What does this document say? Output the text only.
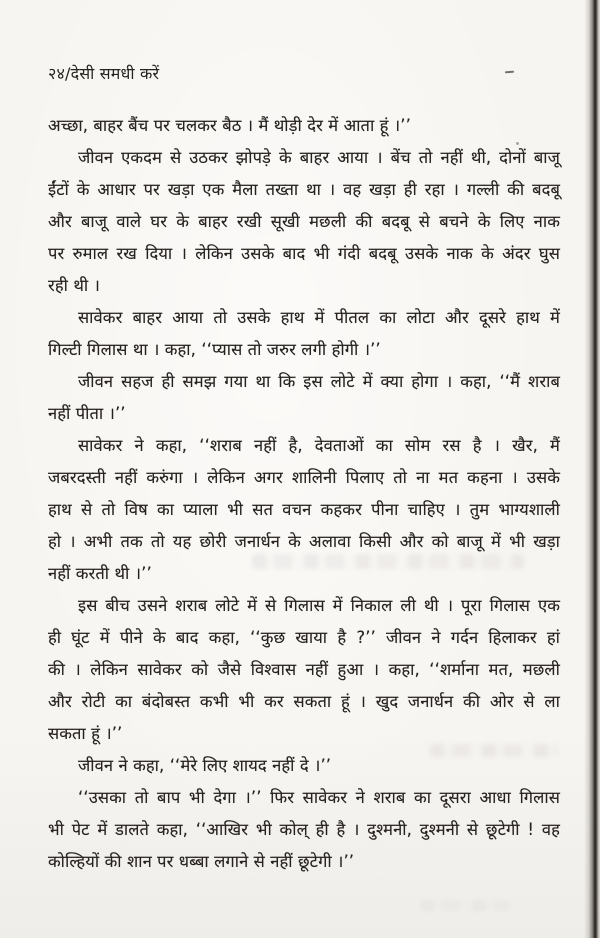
२४/देसी समधी करें
अच्छा, बाहर बैंच पर चलकर बैठ । मैं थोड़ी देर में आता हूं ।’’
जीवन एकदम से उठकर झोपड़े के बाहर आया । बेंच तो नहीं थी, दोनों बाजू
ईंटों के आधार पर खड़ा एक मैला तख्ता था । वह खड़ा ही रहा । गल्ली की बदबू
और बाजू वाले घर के बाहर रखी सूखी मछली की बदबू से बचने के लिए नाक
पर रुमाल रख दिया । लेकिन उसके बाद भी गंदी बदबू उसके नाक के अंदर घुस
रही थी ।
सावेकर बाहर आया तो उसके हाथ में पीतल का लोटा और दूसरे हाथ में
गिल्टी गिलास था । कहा, ‘‘प्यास तो जरुर लगी होगी ।’’
जीवन सहज ही समझ गया था कि इस लोटे में क्या होगा । कहा, ‘‘मैं शराब
नहीं पीता ।’’
सावेकर ने कहा, ‘‘शराब नहीं है, देवताओं का सोम रस है । खैर, मैं
जबरदस्ती नहीं करुंगा । लेकिन अगर शालिनी पिलाए तो ना मत कहना । उसके
हाथ से तो विष का प्याला भी सत वचन कहकर पीना चाहिए । तुम भाग्यशाली
हो । अभी तक तो यह छोरी जनार्धन के अलावा किसी और को बाजू में भी खड़ा
नहीं करती थी ।’’
इस बीच उसने शराब लोटे में से गिलास में निकाल ली थी । पूरा गिलास एक
ही घूंट में पीने के बाद कहा, ‘‘कुछ खाया है ?’’ जीवन ने गर्दन हिलाकर हां
की । लेकिन सावेकर को जैसे विश्वास नहीं हुआ । कहा, ‘‘शर्माना मत, मछली
और रोटी का बंदोबस्त कभी भी कर सकता हूं । खुद जनार्धन की ओर से ला
सकता हूं ।’’
जीवन ने कहा, ‘‘मेरे लिए शायद नहीं दे ।’’
‘‘उसका तो बाप भी देगा ।’’ फिर सावेकर ने शराब का दूसरा आधा गिलास
भी पेट में डालते कहा, ‘‘आखिर भी कोल् ही है । दुश्मनी, दुश्मनी से छूटेगी ! वह
कोल्हियों की शान पर धब्बा लगाने से नहीं छूटेगी ।’’
